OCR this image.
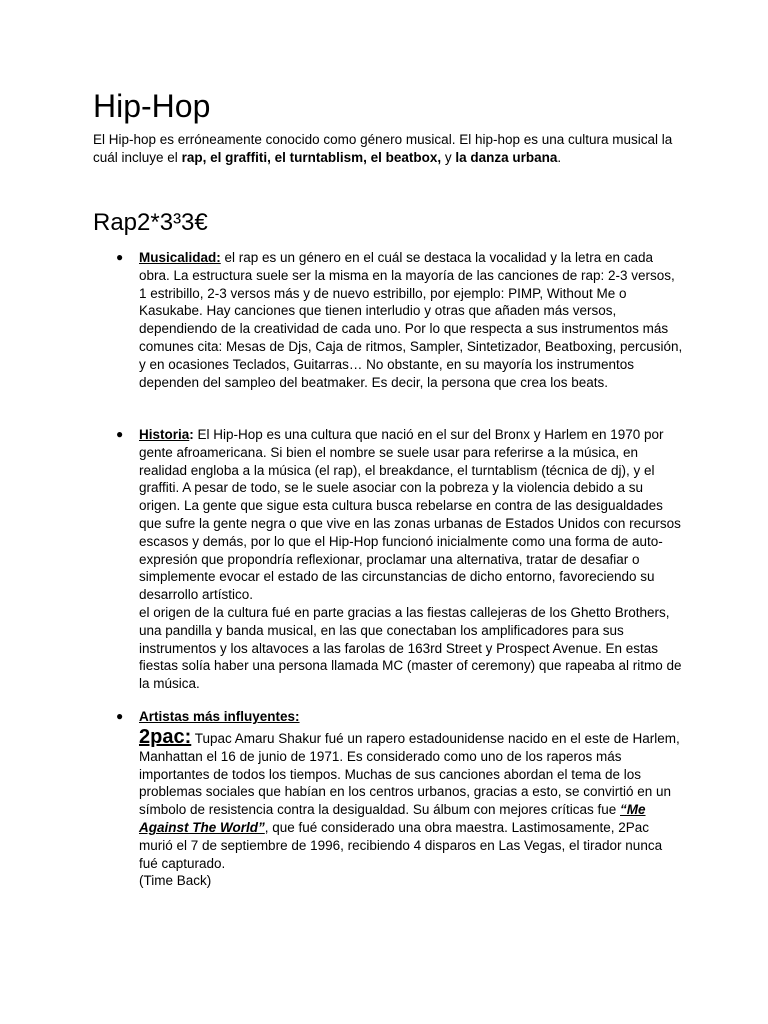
Hip-Hop

El Hip-hop es erróneamente conocido como género musical. El hip-hop es una cultura musical la cuál incluye el rap, el graffiti, el turntablism, el beatbox, y la danza urbana.

Rap2*3³3€
● Musicalidad: el rap es un género en el cuál se destaca la vocalidad y la letra en cada obra. La estructura suele ser la misma en la mayoría de las canciones de rap: 2-3 versos, 1 estribillo, 2-3 versos más y de nuevo estribillo, por ejemplo: PIMP, Without Me o Kasukabe. Hay canciones que tienen interludio y otras que añaden más versos, dependiendo de la creatividad de cada uno. Por lo que respecta a sus instrumentos más comunes cita: Mesas de Djs, Caja de ritmos, Sampler, Sintetizador, Beatboxing, percusión, y en ocasiones Teclados, Guitarras… No obstante, en su mayoría los instrumentos dependen del sampleo del beatmaker. Es decir, la persona que crea los beats.

● Historia: El Hip-Hop es una cultura que nació en el sur del Bronx y Harlem en 1970 por gente afroamericana. Si bien el nombre se suele usar para referirse a la música, en realidad engloba a la música (el rap), el breakdance, el turntablism (técnica de dj), y el graffiti. A pesar de todo, se le suele asociar con la pobreza y la violencia debido a su origen. La gente que sigue esta cultura busca rebelarse en contra de las desigualdades que sufre la gente negra o que vive en las zonas urbanas de Estados Unidos con recursos escasos y demás, por lo que el Hip-Hop funcionó inicialmente como una forma de auto-expresión que propondría reflexionar, proclamar una alternativa, tratar de desafiar o simplemente evocar el estado de las circunstancias de dicho entorno, favoreciendo su desarrollo artístico.
el origen de la cultura fué en parte gracias a las fiestas callejeras de los Ghetto Brothers, una pandilla y banda musical, en las que conectaban los amplificadores para sus instrumentos y los altavoces a las farolas de 163rd Street y Prospect Avenue. En estas fiestas solía haber una persona llamada MC (master of ceremony) que rapeaba al ritmo de la música.

● Artistas más influyentes:
2pac: Tupac Amaru Shakur fué un rapero estadounidense nacido en el este de Harlem, Manhattan el 16 de junio de 1971. Es considerado como uno de los raperos más importantes de todos los tiempos. Muchas de sus canciones abordan el tema de los problemas sociales que habían en los centros urbanos, gracias a esto, se convirtió en un símbolo de resistencia contra la desigualdad. Su álbum con mejores críticas fue “Me Against The World”, que fué considerado una obra maestra. Lastimosamente, 2Pac murió el 7 de septiembre de 1996, recibiendo 4 disparos en Las Vegas, el tirador nunca fué capturado.
(Time Back)
